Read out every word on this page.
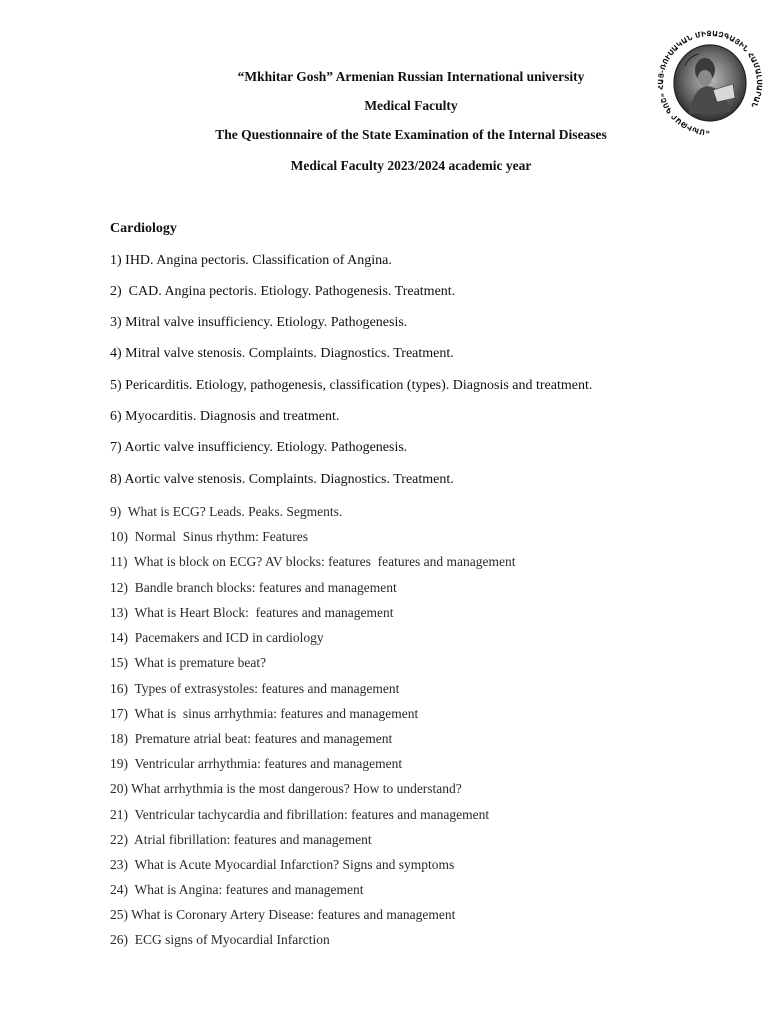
“Mkhitar Gosh” Armenian Russian International university
Medical Faculty
The Questionnaire of the State Examination of the Internal Diseases
Medical Faculty 2023/2024 academic year
«ՄԽԻԹԱՐ ԳՈՇ» ՀԱՅ-ՌՈՒՍԱԿԱՆ ՄԻՋԱԶԳԱՅԻՆ ՀԱՄԱԼՍԱՐԱՆ
Cardiology
1) IHD. Angina pectoris. Classification of Angina.
2)  CAD. Angina pectoris. Etiology. Pathogenesis. Treatment.
3) Mitral valve insufficiency. Etiology. Pathogenesis.
4) Mitral valve stenosis. Complaints. Diagnostics. Treatment.
5) Pericarditis. Etiology, pathogenesis, classification (types). Diagnosis and treatment.
6) Myocarditis. Diagnosis and treatment.
7) Aortic valve insufficiency. Etiology. Pathogenesis.
8) Aortic valve stenosis. Complaints. Diagnostics. Treatment.
9)  What is ECG? Leads. Peaks. Segments.
10)  Normal  Sinus rhythm: Features
11)  What is block on ECG? AV blocks: features  features and management
12)  Bandle branch blocks: features and management
13)  What is Heart Block:  features and management
14)  Pacemakers and ICD in cardiology
15)  What is premature beat?
16)  Types of extrasystoles: features and management
17)  What is  sinus arrhythmia: features and management
18)  Premature atrial beat: features and management
19)  Ventricular arrhythmia: features and management
20) What arrhythmia is the most dangerous? How to understand?
21)  Ventricular tachycardia and fibrillation: features and management
22)  Atrial fibrillation: features and management
23)  What is Acute Myocardial Infarction? Signs and symptoms
24)  What is Angina: features and management
25) What is Coronary Artery Disease: features and management
26)  ECG signs of Myocardial Infarction
